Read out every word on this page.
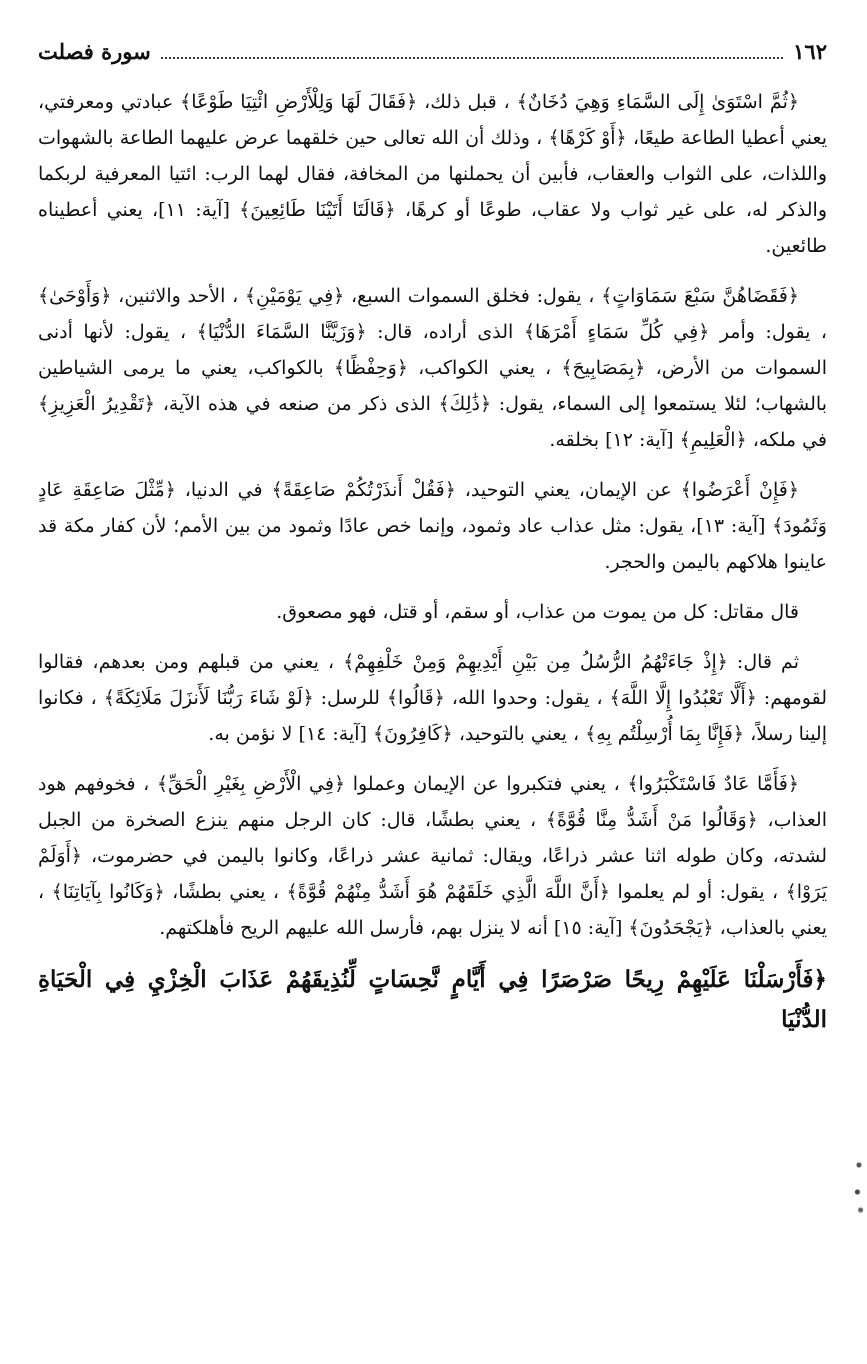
١٦٢
سورة فصلت

﴿ثُمَّ اسْتَوَىٰ إِلَى السَّمَاءِ وَهِيَ دُخَانٌ﴾ ، قبل ذلك، ﴿فَقَالَ لَهَا وَلِلْأَرْضِ ائْتِيَا طَوْعًا﴾ عبادتي ومعرفتي، يعني أعطيا الطاعة طيعًا، ﴿أَوْ كَرْهًا﴾ ، وذلك أن الله تعالى حين خلقهما عرض عليهما الطاعة بالشهوات واللذات، على الثواب والعقاب، فأبين أن يحملنها من المخافة، فقال لهما الرب: ائتيا المعرفية لربكما والذكر له، على غير ثواب ولا عقاب، طوعًا أو كرهًا، ﴿قَالَتَا أَتَيْنَا طَائِعِينَ﴾ [آية: ١١]، يعني أعطيناه طائعين.

﴿فَقَضَاهُنَّ سَبْعَ سَمَاوَاتٍ﴾ ، يقول: فخلق السموات السبع، ﴿فِي يَوْمَيْنِ﴾ ، الأحد والاثنين، ﴿وَأَوْحَىٰ﴾ ، يقول: وأمر ﴿فِي كُلِّ سَمَاءٍ أَمْرَهَا﴾ الذى أراده، قال: ﴿وَزَيَّنَّا السَّمَاءَ الدُّنْيَا﴾ ، يقول: لأنها أدنى السموات من الأرض، ﴿بِمَصَابِيحَ﴾ ، يعني الكواكب، ﴿وَحِفْظًا﴾ بالكواكب، يعني ما يرمى الشياطين بالشهاب؛ لئلا يستمعوا إلى السماء، يقول: ﴿ذَٰلِكَ﴾ الذى ذكر من صنعه في هذه الآية، ﴿تَقْدِيرُ الْعَزِيزِ﴾ في ملكه، ﴿الْعَلِيمِ﴾ [آية: ١٢] بخلقه.

﴿فَإِنْ أَعْرَضُوا﴾ عن الإيمان، يعني التوحيد، ﴿فَقُلْ أَنذَرْتُكُمْ صَاعِقَةً﴾ في الدنيا، ﴿مِّثْلَ صَاعِقَةِ عَادٍ وَثَمُودَ﴾ [آية: ١٣]، يقول: مثل عذاب عاد وثمود، وإنما خص عادًا وثمود من بين الأمم؛ لأن كفار مكة قد عاينوا هلاكهم باليمن والحجر.

قال مقاتل: كل من يموت من عذاب، أو سقم، أو قتل، فهو مصعوق.

ثم قال: ﴿إِذْ جَاءَتْهُمُ الرُّسُلُ مِن بَيْنِ أَيْدِيهِمْ وَمِنْ خَلْفِهِمْ﴾ ، يعني من قبلهم ومن بعدهم، فقالوا لقومهم: ﴿أَلَّا تَعْبُدُوا إِلَّا اللَّهَ﴾ ، يقول: وحدوا الله، ﴿قَالُوا﴾ للرسل: ﴿لَوْ شَاءَ رَبُّنَا لَأَنزَلَ مَلَائِكَةً﴾ ، فكانوا إلينا رسلاً، ﴿فَإِنَّا بِمَا أُرْسِلْتُم بِهِ﴾ ، يعني بالتوحيد، ﴿كَافِرُونَ﴾ [آية: ١٤] لا نؤمن به.

﴿فَأَمَّا عَادٌ فَاسْتَكْبَرُوا﴾ ، يعني فتكبروا عن الإيمان وعملوا ﴿فِي الْأَرْضِ بِغَيْرِ الْحَقِّ﴾ ، فخوفهم هود العذاب، ﴿وَقَالُوا مَنْ أَشَدُّ مِنَّا قُوَّةً﴾ ، يعني بطشًا، قال: كان الرجل منهم ينزع الصخرة من الجبل لشدته، وكان طوله اثنا عشر ذراعًا، ويقال: ثمانية عشر ذراعًا، وكانوا باليمن في حضرموت، ﴿أَوَلَمْ يَرَوْا﴾ ، يقول: أو لم يعلموا ﴿أَنَّ اللَّهَ الَّذِي خَلَقَهُمْ هُوَ أَشَدُّ مِنْهُمْ قُوَّةً﴾ ، يعني بطشًا، ﴿وَكَانُوا بِآيَاتِنَا﴾ ، يعني بالعذاب، ﴿يَجْحَدُونَ﴾ [آية: ١٥] أنه لا ينزل بهم، فأرسل الله عليهم الريح فأهلكتهم.

﴿فَأَرْسَلْنَا عَلَيْهِمْ رِيحًا صَرْصَرًا فِي أَيَّامٍ نَّحِسَاتٍ لِّنُذِيقَهُمْ عَذَابَ الْخِزْيِ فِي الْحَيَاةِ الدُّنْيَا
